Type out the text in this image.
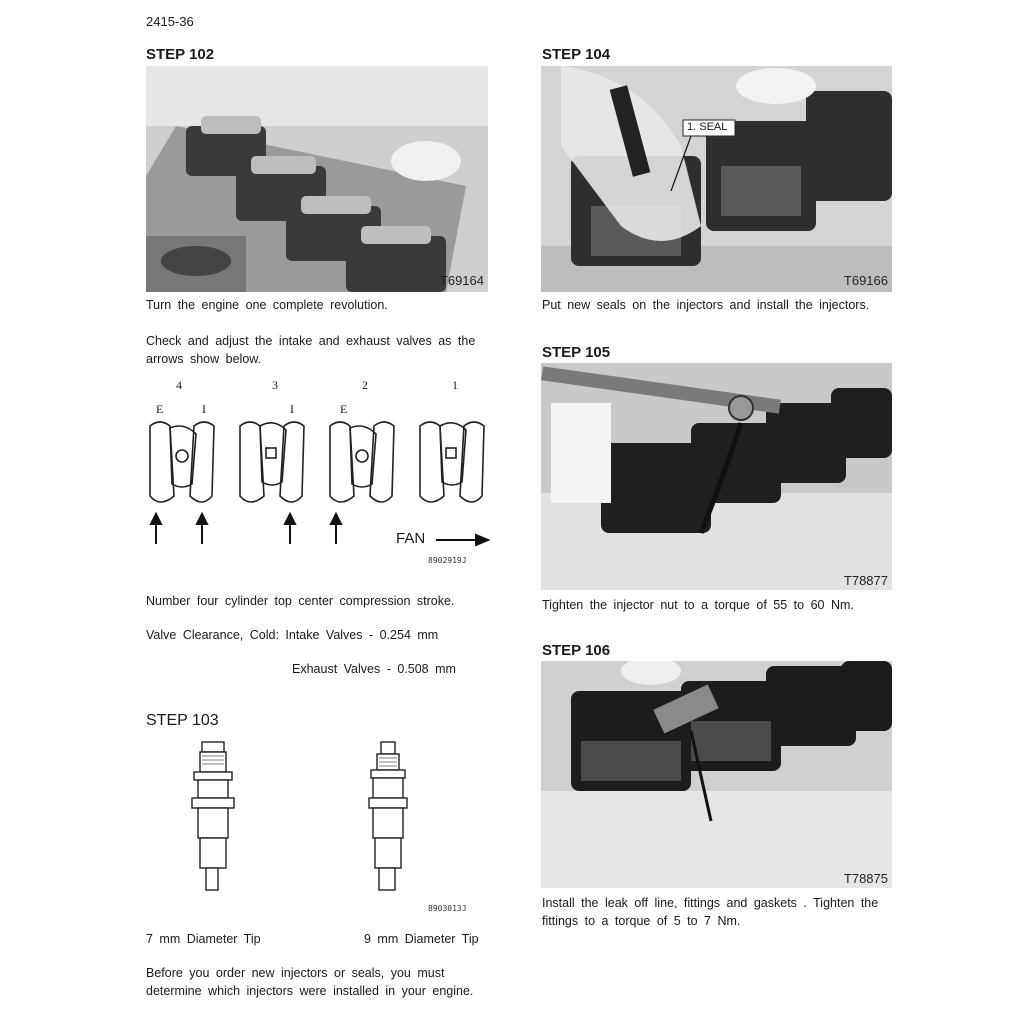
2415-36
STEP 102
T69164
Turn the engine one complete revolution.
Check and adjust the intake and exhaust valves as the arrows show below.
4	3	2	1
E	I	I	E
FAN
8902919J
Number four cylinder top center compression stroke.
Valve Clearance, Cold: Intake Valves - 0.254 mm
Exhaust Valves - 0.508 mm
STEP 103
8903013J
7 mm Diameter Tip	9 mm Diameter Tip
Before you order new injectors or seals, you must determine which injectors were installed in your engine.
STEP 104
1. SEAL
T69166
Put new seals on the injectors and install the injectors.
STEP 105
T78877
Tighten the injector nut to a torque of 55 to 60 Nm.
STEP 106
T78875
Install the leak off line, fittings and gaskets . Tighten the fittings to a torque of 5 to 7 Nm.
